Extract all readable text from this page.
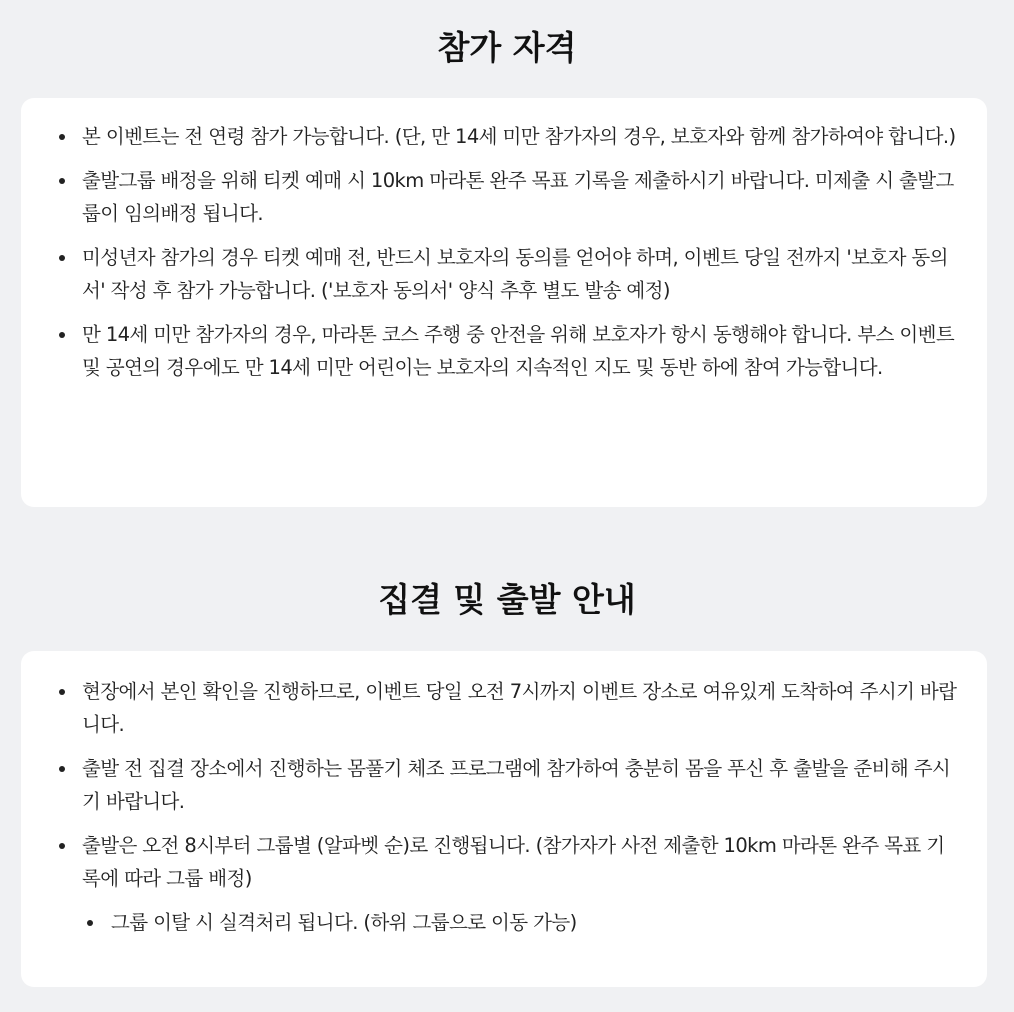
참가 자격
본 이벤트는 전 연령 참가 가능합니다. (단, 만 14세 미만 참가자의 경우, 보호자와 함께 참가하여야 합니다.)
출발그룹 배정을 위해 티켓 예매 시 10km 마라톤 완주 목표 기록을 제출하시기 바랍니다. 미제출 시 출발그룹이 임의배정 됩니다.
미성년자 참가의 경우 티켓 예매 전, 반드시 보호자의 동의를 얻어야 하며, 이벤트 당일 전까지 '보호자 동의서' 작성 후 참가 가능합니다. ('보호자 동의서' 양식 추후 별도 발송 예정)
만 14세 미만 참가자의 경우, 마라톤 코스 주행 중 안전을 위해 보호자가 항시 동행해야 합니다. 부스 이벤트 및 공연의 경우에도 만 14세 미만 어린이는 보호자의 지속적인 지도 및 동반 하에 참여 가능합니다.
집결 및 출발 안내
현장에서 본인 확인을 진행하므로, 이벤트 당일 오전 7시까지 이벤트 장소로 여유있게 도착하여 주시기 바랍니다.
출발 전 집결 장소에서 진행하는 몸풀기 체조 프로그램에 참가하여 충분히 몸을 푸신 후 출발을 준비해 주시기 바랍니다.
출발은 오전 8시부터 그룹별 (알파벳 순)로 진행됩니다. (참가자가 사전 제출한 10km 마라톤 완주 목표 기록에 따라 그룹 배정)
그룹 이탈 시 실격처리 됩니다. (하위 그룹으로 이동 가능)
